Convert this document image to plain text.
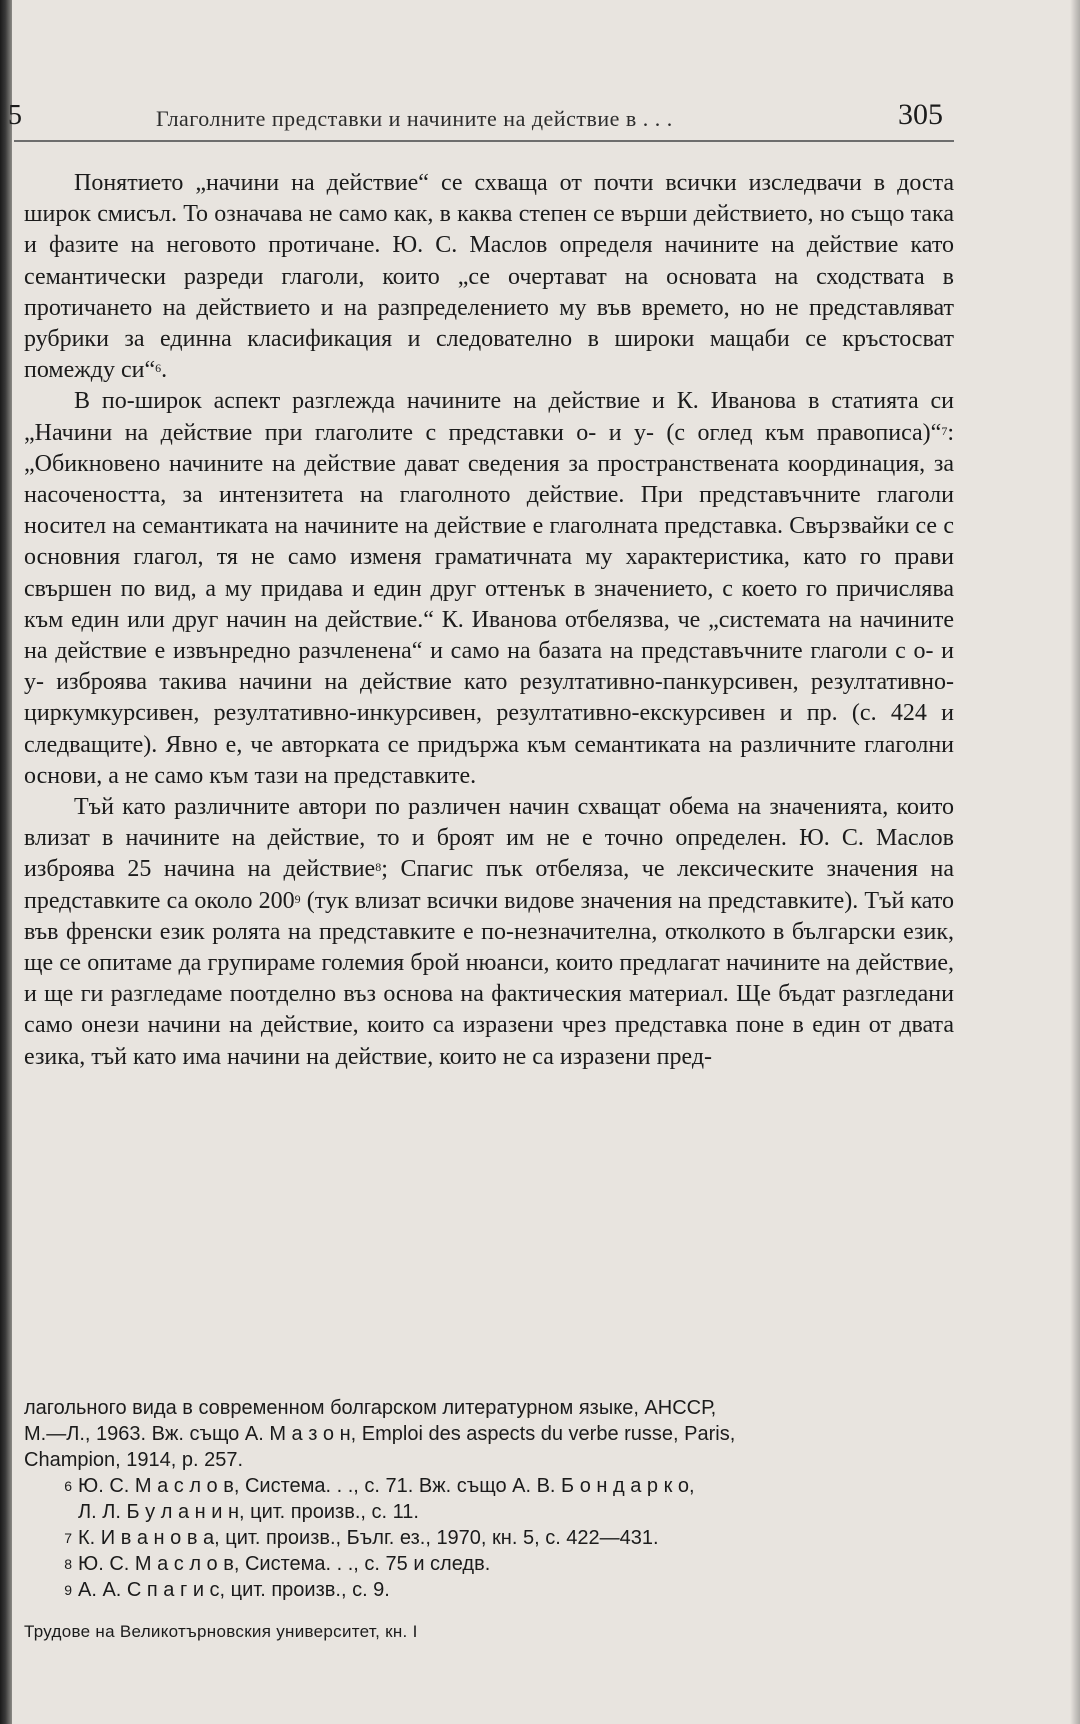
5	Глаголните представки и начините на действие в . . .	305

Понятието „начини на действие“ се схваща от почти всички изследвачи в доста широк смисъл. То означава не само как, в каква степен се върши действието, но също така и фазите на неговото протичане. Ю. С. Маслов определя начините на действие като семантически разреди глаголи, които „се очертават на основата на сходствата в протичането на действието и на разпределението му във времето, но не представляват рубрики за единна класификация и следователно в широки мащаби се кръстосват помежду си“$^6$.

В по-широк аспект разглежда начините на действие и К. Иванова в статията си „Начини на действие при глаголите с представки о- и у- (с оглед към правописа)“$^7$: „Обикновено начините на действие дават сведения за пространствената координация, за насочеността, за интензитета на глаголното действие. При представъчните глаголи носител на семантиката на начините на действие е глаголната представка. Свързвайки се с основния глагол, тя не само изменя граматичната му характеристика, като го прави свършен по вид, а му придава и един друг оттенък в значението, с което го причислява към един или друг начин на действие.“ К. Иванова отбелязва, че „системата на начините на действие е извънредно разчленена“ и само на базата на представъчните глаголи с о- и у- изброява такива начини на действие като резултативно-панкурсивен, резултативно-циркумкурсивен, резултативно-инкурсивен, резултативно-екскурсивен и пр. (с. 424 и следващите). Явно е, че авторката се придържа към семантиката на различните глаголни основи, а не само към тази на представките.

Тъй като различните автори по различен начин схващат обема на значенията, които влизат в начините на действие, то и броят им не е точно определен. Ю. С. Маслов изброява 25 начина на действие$^8$; Спагис пък отбеляза, че лексическите значения на представките са около $200^9$ (тук влизат всички видове значения на представките). Тъй като във френски език ролята на представките е по-незначителна, отколкото в български език, ще се опитаме да групираме големия брой нюанси, които предлагат начините на действие, и ще ги разгледаме поотделно въз основа на фактическия материал. Ще бъдат разгледани само онези начини на действие, които са изразени чрез представка поне в един от двата езика, тъй като има начини на действие, които не са изразени пред-

лагольного вида в современном болгарском литературном языке, АНССР,

М.—Л., 1963. Вж. също А. М а з о н, Emploi des aspects du verbe russe, Paris,

Champion, 1914, p. 257.

6 Ю. С. М а с л о в, Система. . ., с. 71. Вж. също А. В. Б о н д а р к о,

Л. Л. Б у л а н и н, цит. произв., с. 11.

7 К. И в а н о в а, цит. произв., Бълг. ез., 1970, кн. 5, с. 422—431.

8 Ю. С. М а с л о в, Система. . ., с. 75 и следв.

9 А. А. С п а г и с, цит. произв., с. 9.

Трудове на Великотърновския университет, кн. I
